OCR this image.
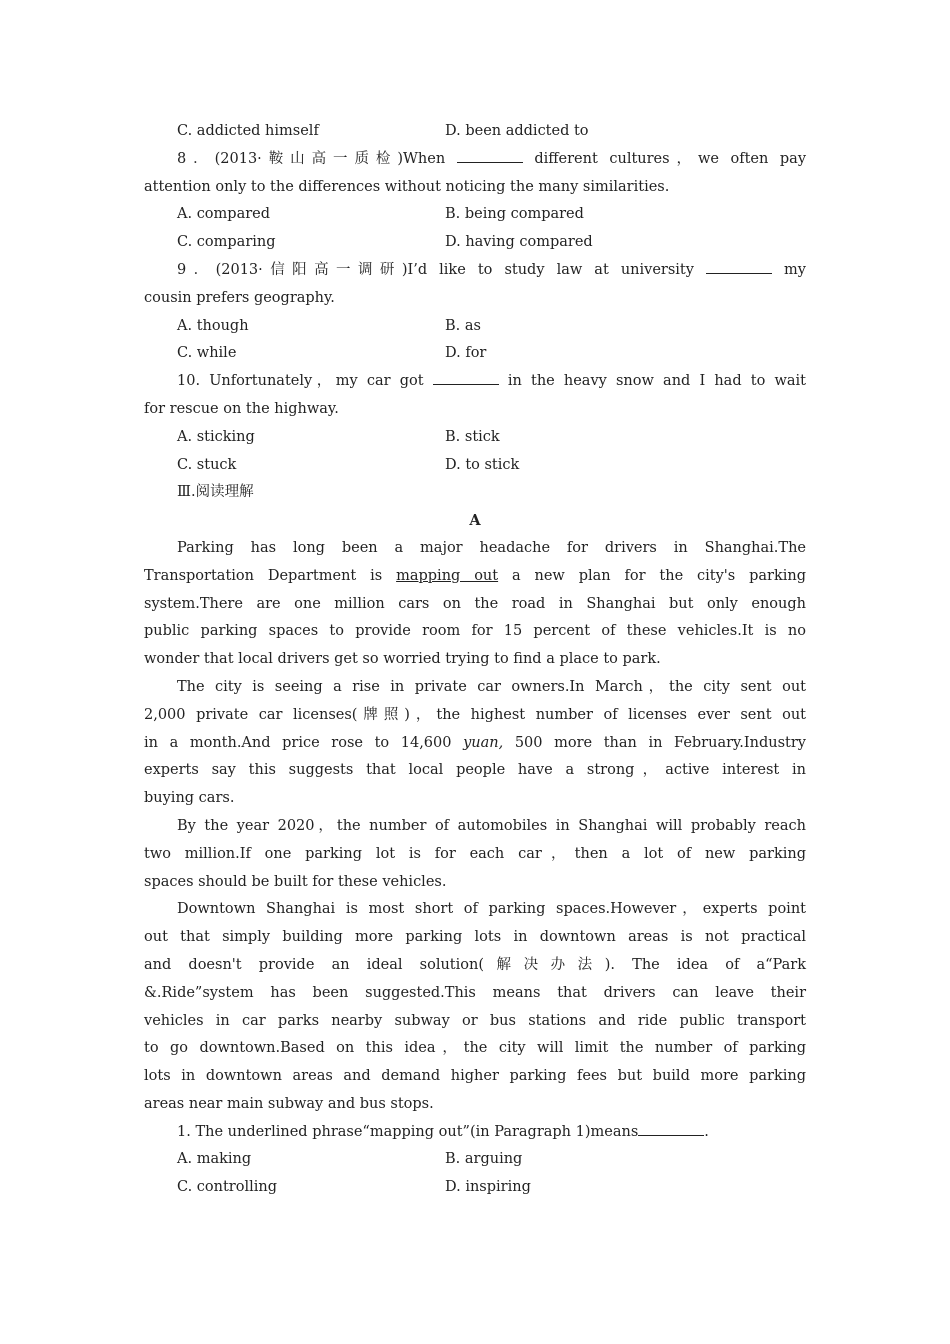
C. addicted himself	D. been addicted to
8．(2013·鞍山高一质检)When	different cultures，we often pay
attention only to the differences without noticing the many similarities.
A. compared	B. being compared
C. comparing	D. having compared
9．(2013·信阳高一调研)I’d like to study law at university	my
cousin prefers geography.
A. though	B. as
C. while	D. for
10. Unfortunately，my car got	in the heavy snow and I had to wait
for rescue on the highway.
A. sticking	B. stick
C. stuck	D. to stick
Ⅲ.阅读理解
A
Parking has long been a major headache for drivers in Shanghai.The
Transportation Department is mapping out a new plan for the city's parking
system.There are one million cars on the road in Shanghai but only enough
public parking spaces to provide room for 15 percent of these vehicles.It is no
wonder that local drivers get so worried trying to find a place to park.
The city is seeing a rise in private car owners.In March，the city sent out
2,000 private car licenses(牌照)，the highest number of licenses ever sent out
in a month.And price rose to 14,600 yuan, 500 more than in February.Industry
experts say this suggests that local people have a strong，active interest in
buying cars.
By the year 2020，the number of automobiles in Shanghai will probably reach
two million.If one parking lot is for each car，then a lot of new parking
spaces should be built for these vehicles.
Downtown Shanghai is most short of parking spaces.However，experts point
out that simply building more parking lots in downtown areas is not practical
and doesn't provide an ideal solution(解决办法). The idea of a“Park
&.Ride”system has been suggested.This means that drivers can leave their
vehicles in car parks nearby subway or bus stations and ride public transport
to go downtown.Based on this idea，the city will limit the number of parking
lots in downtown areas and demand higher parking fees but build more parking
areas near main subway and bus stops.
1. The underlined phrase“mapping out”(in Paragraph 1)means	.
A. making	B. arguing
C. controlling	D. inspiring
